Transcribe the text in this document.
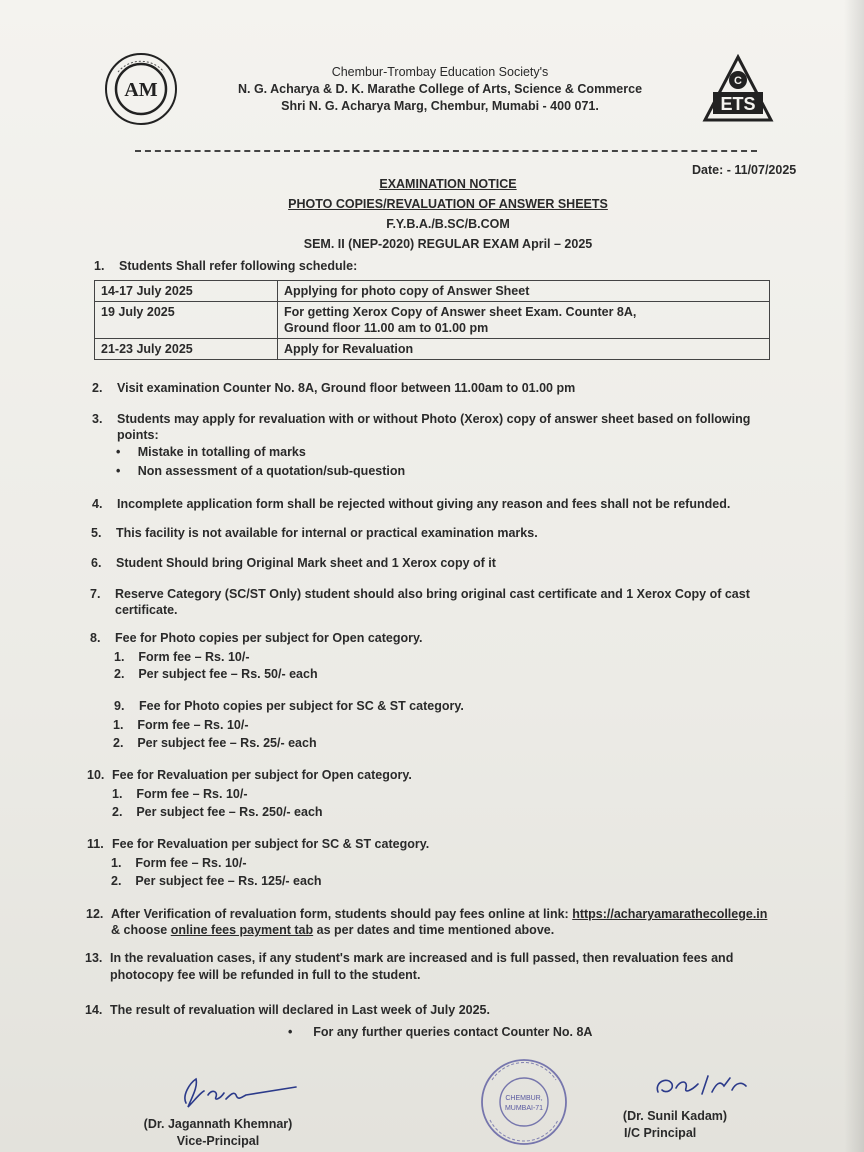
AM	C
ETS
Chembur-Trombay Education Society's
N. G. Acharya & D. K. Marathe College of Arts, Science & Commerce
Shri N. G. Acharya Marg, Chembur, Mumabi - 400 071.
Date: - 11/07/2025
EXAMINATION NOTICE
PHOTO COPIES/REVALUATION OF ANSWER SHEETS
F.Y.B.A./B.SC/B.COM
SEM. II (NEP-2020) REGULAR EXAM April – 2025
1. Students Shall refer following schedule:
14-17 July 2025	Applying for photo copy of Answer Sheet
19 July 2025	For getting Xerox Copy of Answer sheet Exam. Counter 8A,
Ground floor 11.00 am to 01.00 pm

21-23 July 2025	Apply for Revaluation
2. Visit examination Counter No. 8A, Ground floor between 11.00am to 01.00 pm
3. Students may apply for revaluation with or without Photo (Xerox) copy of answer sheet based on following
points:
•     Mistake in totalling of marks
•     Non assessment of a quotation/sub-question
4. Incomplete application form shall be rejected without giving any reason and fees shall not be refunded.
5. This facility is not available for internal or practical examination marks.
6. Student Should bring Original Mark sheet and 1 Xerox copy of it
7. Reserve Category (SC/ST Only) student should also bring original cast certificate and 1 Xerox Copy of cast
certificate.
8. Fee for Photo copies per subject for Open category.
1. Form fee – Rs. 10/-
2. Per subject fee – Rs. 50/- each
9. Fee for Photo copies per subject for SC & ST category.
1. Form fee – Rs. 10/-
2. Per subject fee – Rs. 25/- each
10. Fee for Revaluation per subject for Open category.
1. Form fee – Rs. 10/-
2. Per subject fee – Rs. 250/- each
11. Fee for Revaluation per subject for SC & ST category.
1. Form fee – Rs. 10/-
2. Per subject fee – Rs. 125/- each
12. After Verification of revaluation form, students should pay fees online at link: https://acharyamarathecollege.in
& choose online fees payment tab as per dates and time mentioned above.
13. In the revaluation cases, if any student's mark are increased and is full passed, then revaluation fees and
photocopy fee will be refunded in full to the student.
14. The result of revaluation will declared in Last week of July 2025.
•      For any further queries contact Counter No. 8A
CHEMBUR,
MUMBAI-71
(Dr. Jagannath Khemnar)
Vice-Principal
(Dr. Sunil Kadam)
I/C Principal
